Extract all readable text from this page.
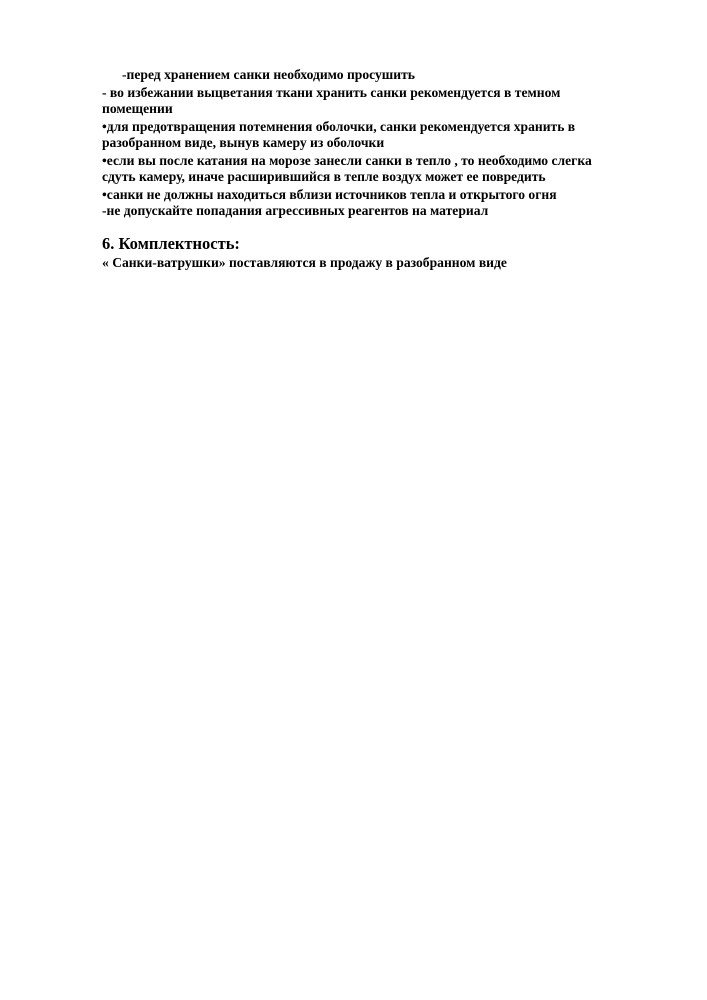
-перед хранением санки необходимо просушить
- во избежании выцветания ткани хранить санки рекомендуется в темном
помещении
•для предотвращения потемнения оболочки, санки рекомендуется хранить в
разобранном виде, вынув камеру из оболочки
•если вы после катания на морозе занесли санки в тепло , то необходимо слегка
сдуть камеру, иначе расширившийся в тепле воздух может ее повредить
•санки не должны находиться вблизи источников тепла и открытого огня
-не допускайте попадания агрессивных реагентов на материал
6. Комплектность:
« Санки-ватрушки» поставляются в продажу в разобранном виде
